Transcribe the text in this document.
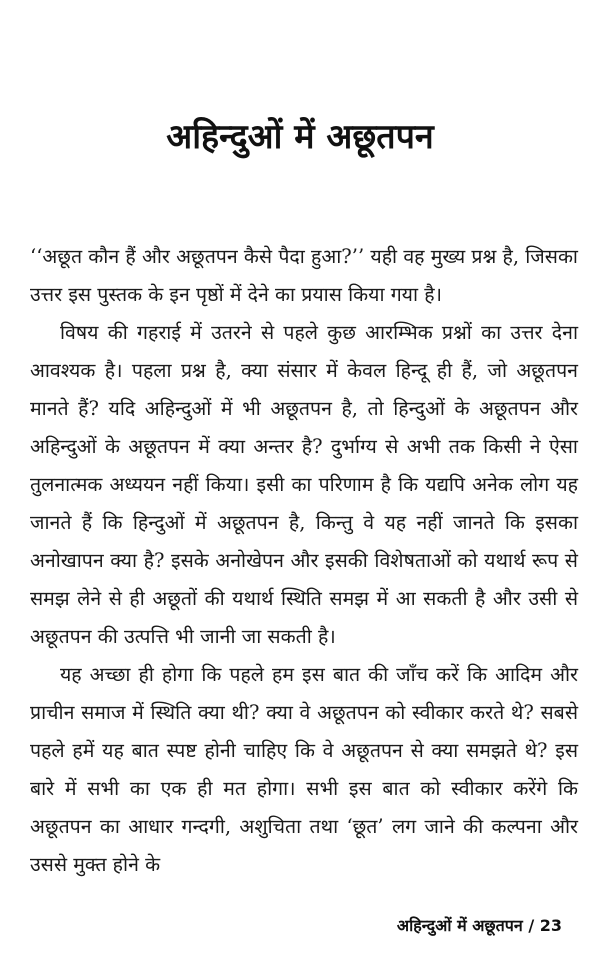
अहिन्दुओं में अछूतपन

‘‘अछूत कौन हैं और अछूतपन कैसे पैदा हुआ?’’ यही वह मुख्य प्रश्न है, जिसका उत्तर इस पुस्तक के इन पृष्ठों में देने का प्रयास किया गया है।

विषय की गहराई में उतरने से पहले कुछ आरम्भिक प्रश्नों का उत्तर देना आवश्यक है। पहला प्रश्न है, क्या संसार में केवल हिन्दू ही हैं, जो अछूतपन मानते हैं? यदि अहिन्दुओं में भी अछूतपन है, तो हिन्दुओं के अछूतपन और अहिन्दुओं के अछूतपन में क्या अन्तर है? दुर्भाग्य से अभी तक किसी ने ऐसा तुलनात्मक अध्ययन नहीं किया। इसी का परिणाम है कि यद्यपि अनेक लोग यह जानते हैं कि हिन्दुओं में अछूतपन है, किन्तु वे यह नहीं जानते कि इसका अनोखापन क्या है? इसके अनोखेपन और इसकी विशेषताओं को यथार्थ रूप से समझ लेने से ही अछूतों की यथार्थ स्थिति समझ में आ सकती है और उसी से अछूतपन की उत्पत्ति भी जानी जा सकती है।

यह अच्छा ही होगा कि पहले हम इस बात की जाँच करें कि आदिम और प्राचीन समाज में स्थिति क्या थी? क्या वे अछूतपन को स्वीकार करते थे? सबसे पहले हमें यह बात स्पष्ट होनी चाहिए कि वे अछूतपन से क्या समझते थे? इस बारे में सभी का एक ही मत होगा। सभी इस बात को स्वीकार करेंगे कि अछूतपन का आधार गन्दगी, अशुचिता तथा ‘छूत’ लग जाने की कल्पना और उससे मुक्त होने के

अहिन्दुओं में अछूतपन / 23
